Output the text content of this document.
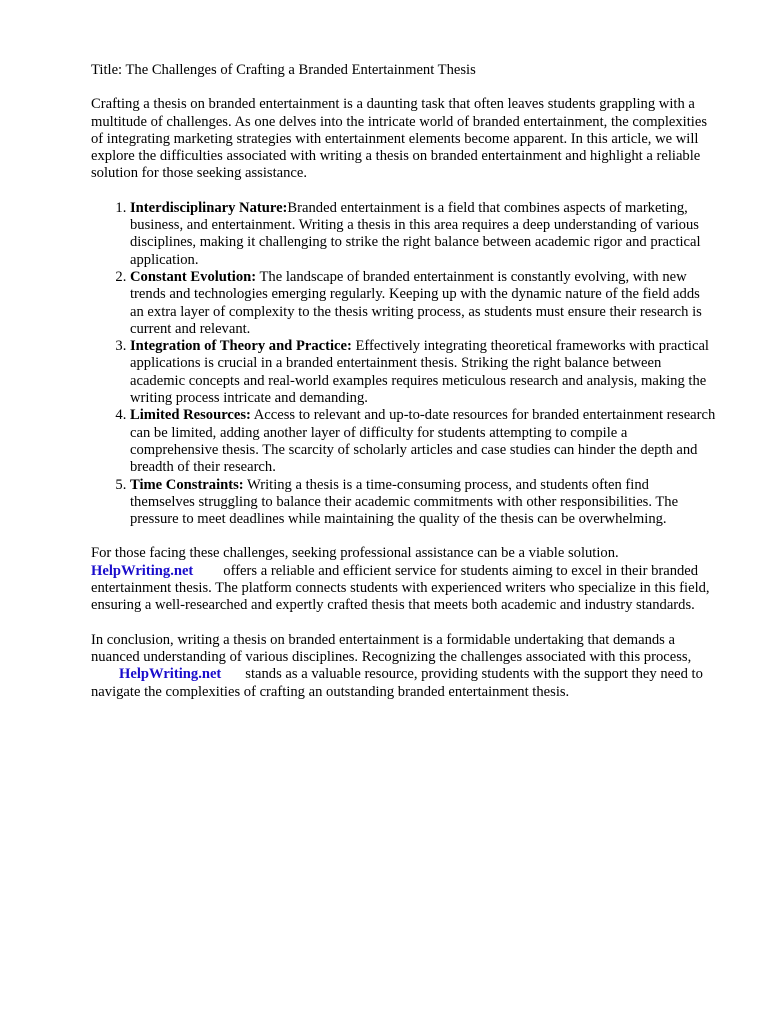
Title: The Challenges of Crafting a Branded Entertainment Thesis

Crafting a thesis on branded entertainment is a daunting task that often leaves students grappling with a multitude of challenges. As one delves into the intricate world of branded entertainment, the complexities of integrating marketing strategies with entertainment elements become apparent. In this article, we will explore the difficulties associated with writing a thesis on branded entertainment and highlight a reliable solution for those seeking assistance.

1. Interdisciplinary Nature:Branded entertainment is a field that combines aspects of marketing, business, and entertainment. Writing a thesis in this area requires a deep understanding of various disciplines, making it challenging to strike the right balance between academic rigor and practical application.
2. Constant Evolution: The landscape of branded entertainment is constantly evolving, with new trends and technologies emerging regularly. Keeping up with the dynamic nature of the field adds an extra layer of complexity to the thesis writing process, as students must ensure their research is current and relevant.
3. Integration of Theory and Practice: Effectively integrating theoretical frameworks with practical applications is crucial in a branded entertainment thesis. Striking the right balance between academic concepts and real-world examples requires meticulous research and analysis, making the writing process intricate and demanding.
4. Limited Resources: Access to relevant and up-to-date resources for branded entertainment research can be limited, adding another layer of difficulty for students attempting to compile a comprehensive thesis. The scarcity of scholarly articles and case studies can hinder the depth and breadth of their research.
5. Time Constraints: Writing a thesis is a time-consuming process, and students often find themselves struggling to balance their academic commitments with other responsibilities. The pressure to meet deadlines while maintaining the quality of the thesis can be overwhelming.

For those facing these challenges, seeking professional assistance can be a viable solution.
HelpWriting.net offers a reliable and efficient service for students aiming to excel in their branded entertainment thesis. The platform connects students with experienced writers who specialize in this field, ensuring a well-researched and expertly crafted thesis that meets both academic and industry standards.

In conclusion, writing a thesis on branded entertainment is a formidable undertaking that demands a nuanced understanding of various disciplines. Recognizing the challenges associated with this process,HelpWriting.net stands as a valuable resource, providing students with the support they need to navigate the complexities of crafting an outstanding branded entertainment thesis.
